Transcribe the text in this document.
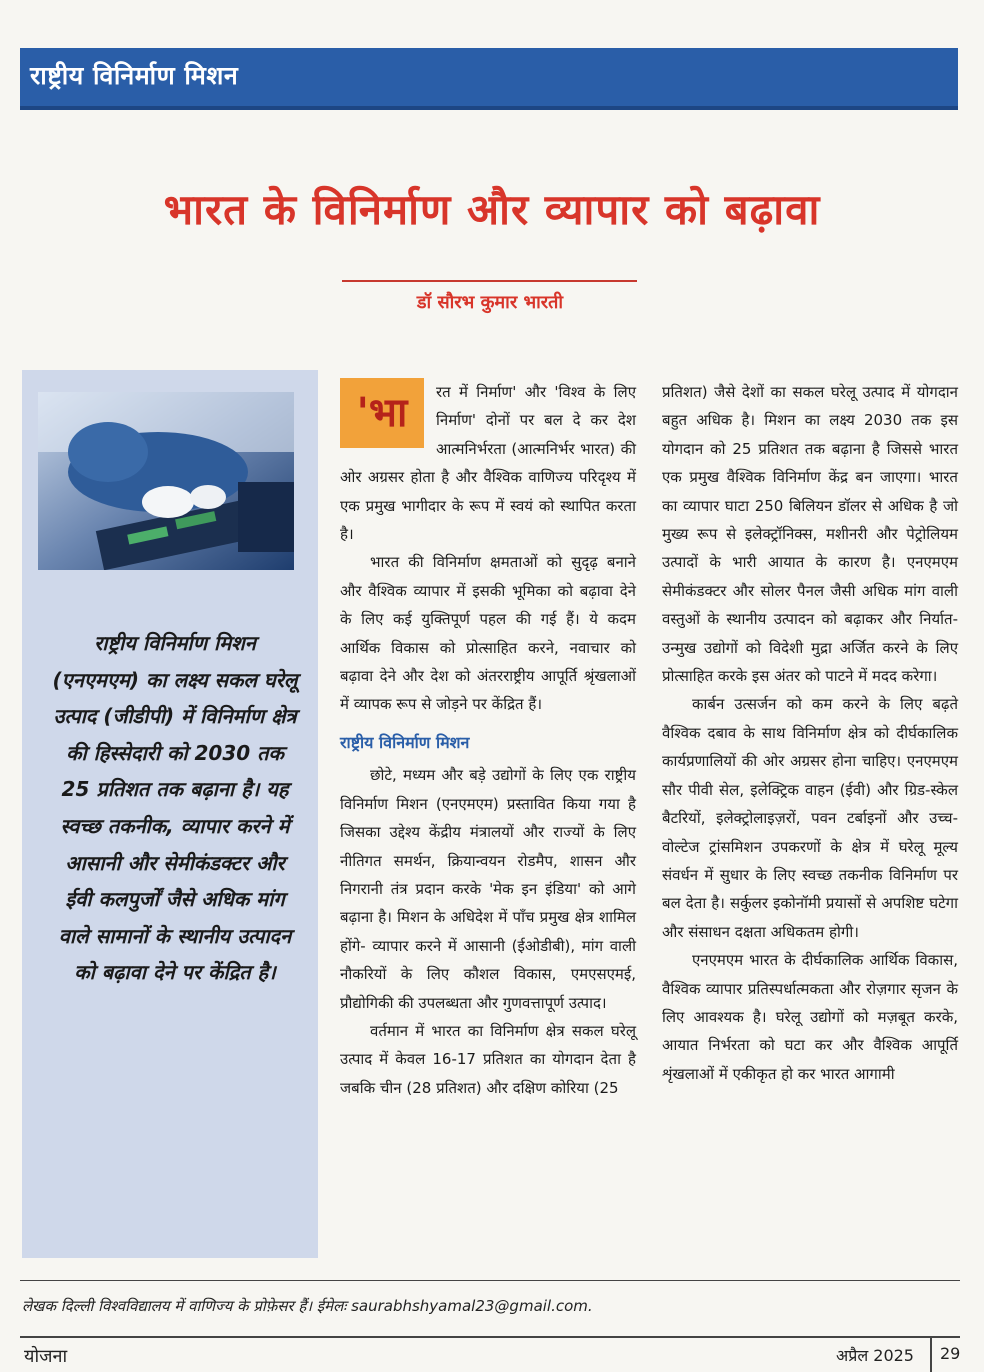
राष्ट्रीय विनिर्माण मिशन
भारत के विनिर्माण और व्यापार को बढ़ावा
डॉ सौरभ कुमार भारती

राष्ट्रीय विनिर्माण मिशन (एनएमएम) का लक्ष्य सकल घरेलू उत्पाद (जीडीपी) में विनिर्माण क्षेत्र की हिस्सेदारी को 2030 तक 25 प्रतिशत तक बढ़ाना है। यह स्वच्छ तकनीक, व्यापार करने में आसानी और सेमीकंडक्टर और ईवी कलपुर्जों जैसे अधिक मांग वाले सामानों के स्थानीय उत्पादन को बढ़ावा देने पर केंद्रित है।

'भा	रत में निर्माण' और 'विश्व के लिए निर्माण' दोनों पर बल दे कर देश आत्मनिर्भरता (आत्मनिर्भर भारत) की ओर अग्रसर होता है और वैश्विक वाणिज्य परिदृश्य में एक प्रमुख भागीदार के रूप में स्वयं को स्थापित करता है।

भारत की विनिर्माण क्षमताओं को सुदृढ़ बनाने और वैश्विक व्यापार में इसकी भूमिका को बढ़ावा देने के लिए कई युक्तिपूर्ण पहल की गई हैं। ये कदम आर्थिक विकास को प्रोत्साहित करने, नवाचार को बढ़ावा देने और देश को अंतरराष्ट्रीय आपूर्ति श्रृंखलाओं में व्यापक रूप से जोड़ने पर केंद्रित हैं।

राष्ट्रीय विनिर्माण मिशन

छोटे, मध्यम और बड़े उद्योगों के लिए एक राष्ट्रीय विनिर्माण मिशन (एनएमएम) प्रस्तावित किया गया है जिसका उद्देश्य केंद्रीय मंत्रालयों और राज्यों के लिए नीतिगत समर्थन, क्रियान्वयन रोडमैप, शासन और निगरानी तंत्र प्रदान करके 'मेक इन इंडिया' को आगे बढ़ाना है। मिशन के अधिदेश में पाँच प्रमुख क्षेत्र शामिल होंगे- व्यापार करने में आसानी (ईओडीबी), मांग वाली नौकरियों के लिए कौशल विकास, एमएसएमई, प्रौद्योगिकी की उपलब्धता और गुणवत्तापूर्ण उत्पाद।

वर्तमान में भारत का विनिर्माण क्षेत्र सकल घरेलू उत्पाद में केवल 16-17 प्रतिशत का योगदान देता है जबकि चीन (28 प्रतिशत) और दक्षिण कोरिया (25

प्रतिशत) जैसे देशों का सकल घरेलू उत्पाद में योगदान बहुत अधिक है। मिशन का लक्ष्य 2030 तक इस योगदान को 25 प्रतिशत तक बढ़ाना है जिससे भारत एक प्रमुख वैश्विक विनिर्माण केंद्र बन जाएगा। भारत का व्यापार घाटा 250 बिलियन डॉलर से अधिक है जो मुख्य रूप से इलेक्ट्रॉनिक्स, मशीनरी और पेट्रोलियम उत्पादों के भारी आयात के कारण है। एनएमएम सेमीकंडक्टर और सोलर पैनल जैसी अधिक मांग वाली वस्तुओं के स्थानीय उत्पादन को बढ़ाकर और निर्यात-उन्मुख उद्योगों को विदेशी मुद्रा अर्जित करने के लिए प्रोत्साहित करके इस अंतर को पाटने में मदद करेगा।

कार्बन उत्सर्जन को कम करने के लिए बढ़ते वैश्विक दबाव के साथ विनिर्माण क्षेत्र को दीर्घकालिक कार्यप्रणालियों की ओर अग्रसर होना चाहिए। एनएमएम सौर पीवी सेल, इलेक्ट्रिक वाहन (ईवी) और ग्रिड-स्केल बैटरियों, इलेक्ट्रोलाइज़रों, पवन टर्बाइनों और उच्च-वोल्टेज ट्रांसमिशन उपकरणों के क्षेत्र में घरेलू मूल्य संवर्धन में सुधार के लिए स्वच्छ तकनीक विनिर्माण पर बल देता है। सर्कुलर इकोनॉमी प्रयासों से अपशिष्ट घटेगा और संसाधन दक्षता अधिकतम होगी।

एनएमएम भारत के दीर्घकालिक आर्थिक विकास, वैश्विक व्यापार प्रतिस्पर्धात्मकता और रोज़गार सृजन के लिए आवश्यक है। घरेलू उद्योगों को मज़बूत करके, आयात निर्भरता को घटा कर और वैश्विक आपूर्ति शृंखलाओं में एकीकृत हो कर भारत आगामी

लेखक दिल्ली विश्वविद्यालय में वाणिज्य के प्रोफ़ेसर हैं। ईमेलः saurabhshyamal23@gmail.com.
योजना	अप्रैल 2025 29
